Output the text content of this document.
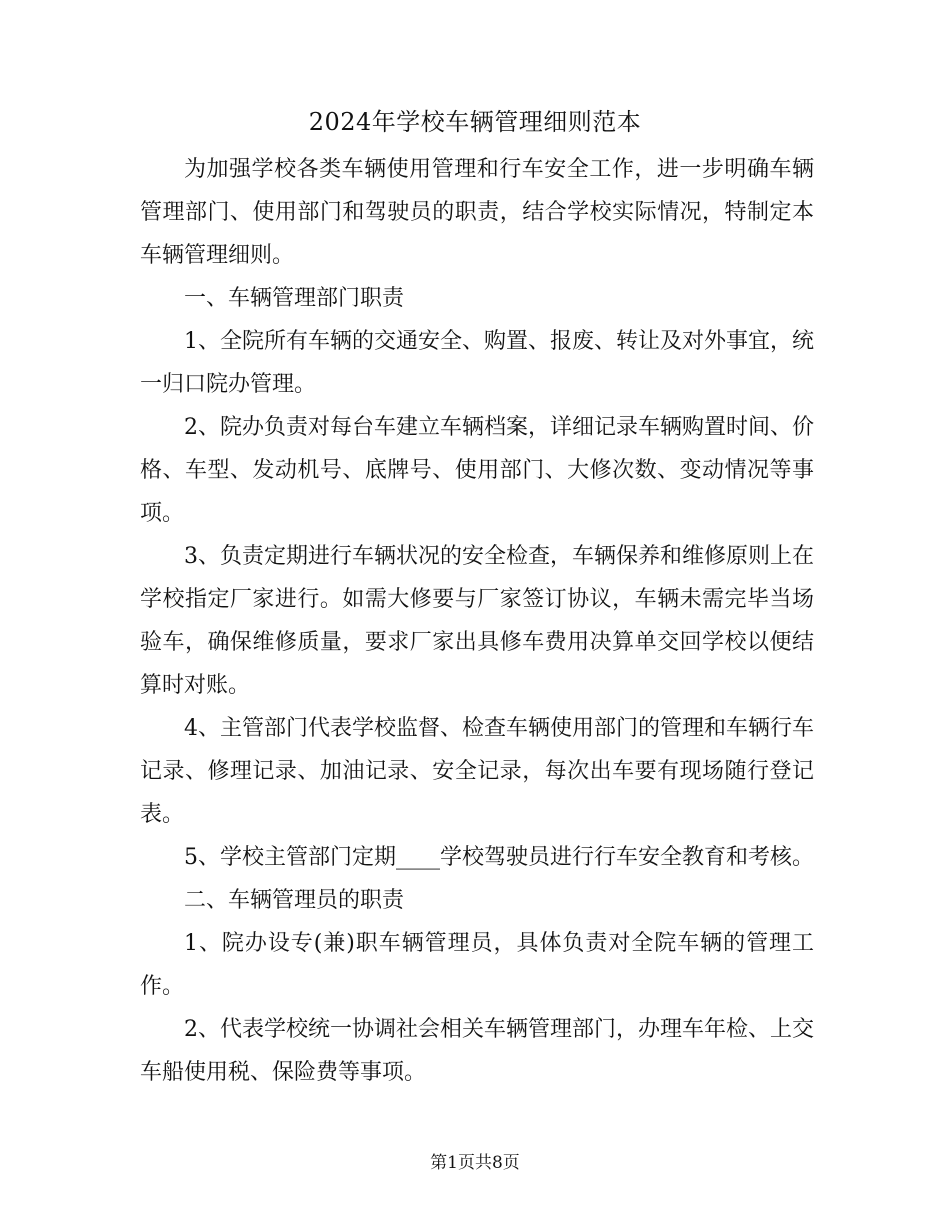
2024年学校车辆管理细则范本

为加强学校各类车辆使用管理和行车安全工作，进一步明确车辆管理部门、使用部门和驾驶员的职责，结合学校实际情况，特制定本车辆管理细则。

一、车辆管理部门职责

1、全院所有车辆的交通安全、购置、报废、转让及对外事宜，统一归口院办管理。

2、院办负责对每台车建立车辆档案，详细记录车辆购置时间、价格、车型、发动机号、底牌号、使用部门、大修次数、变动情况等事项。

3、负责定期进行车辆状况的安全检查，车辆保养和维修原则上在学校指定厂家进行。如需大修要与厂家签订协议，车辆未需完毕当场验车，确保维修质量，要求厂家出具修车费用决算单交回学校以便结算时对账。

4、主管部门代表学校监督、检查车辆使用部门的管理和车辆行车记录、修理记录、加油记录、安全记录，每次出车要有现场随行登记表。

5、学校主管部门定期____学校驾驶员进行行车安全教育和考核。

二、车辆管理员的职责

1、院办设专(兼)职车辆管理员，具体负责对全院车辆的管理工作。

2、代表学校统一协调社会相关车辆管理部门，办理车年检、上交车船使用税、保险费等事项。

第1页共8页
